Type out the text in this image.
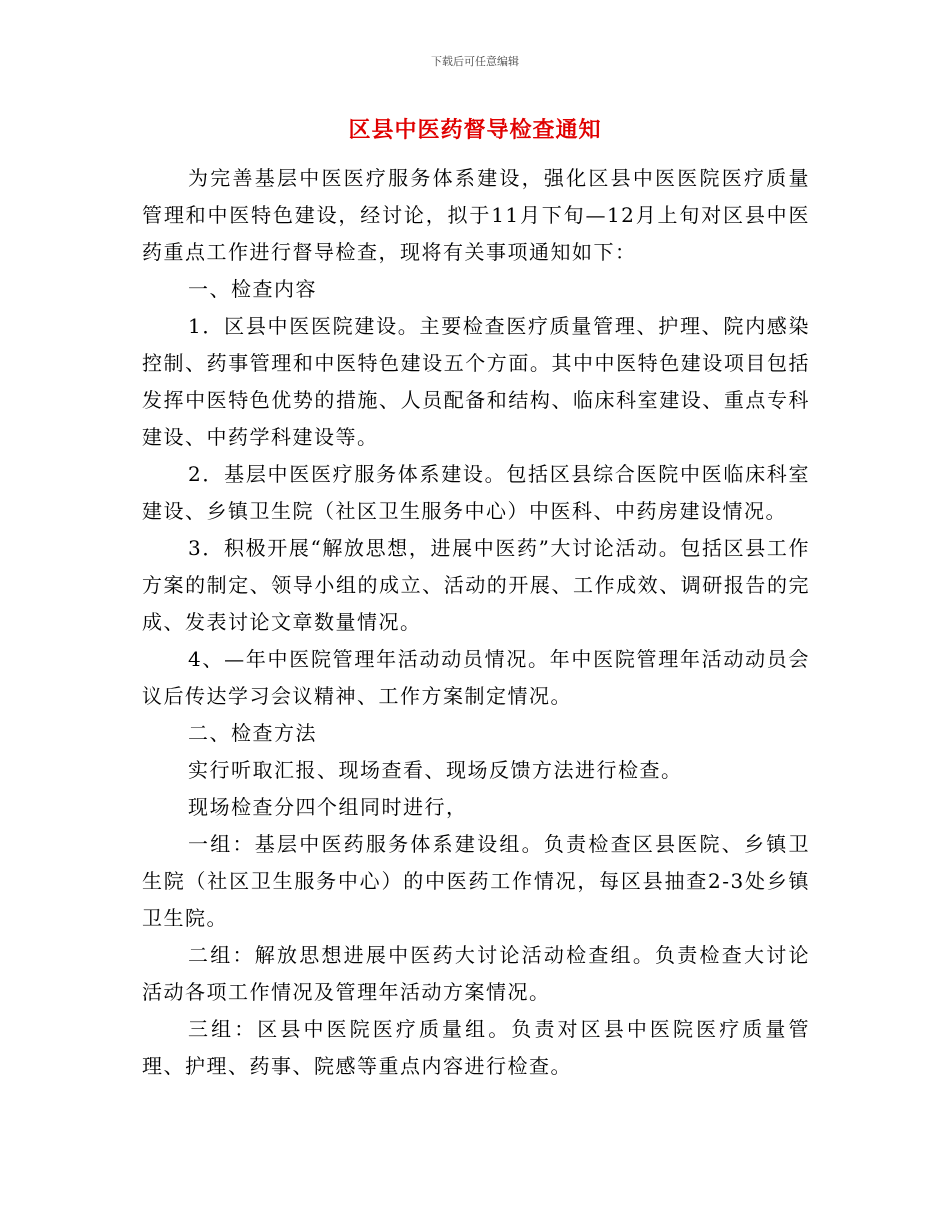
下载后可任意编辑
区县中医药督导检查通知

为完善基层中医医疗服务体系建设，强化区县中医医院医疗质量管理和中医特色建设，经讨论，拟于11月下旬—12月上旬对区县中医药重点工作进行督导检查，现将有关事项通知如下：

一、检查内容

1．区县中医医院建设。主要检查医疗质量管理、护理、院内感染控制、药事管理和中医特色建设五个方面。其中中医特色建设项目包括发挥中医特色优势的措施、人员配备和结构、临床科室建设、重点专科建设、中药学科建设等。

2．基层中医医疗服务体系建设。包括区县综合医院中医临床科室建设、乡镇卫生院（社区卫生服务中心）中医科、中药房建设情况。

3．积极开展“解放思想，进展中医药”大讨论活动。包括区县工作方案的制定、领导小组的成立、活动的开展、工作成效、调研报告的完成、发表讨论文章数量情况。

4、—年中医院管理年活动动员情况。年中医院管理年活动动员会议后传达学习会议精神、工作方案制定情况。

二、检查方法

实行听取汇报、现场查看、现场反馈方法进行检查。

现场检查分四个组同时进行，

一组：基层中医药服务体系建设组。负责检查区县医院、乡镇卫生院（社区卫生服务中心）的中医药工作情况，每区县抽查2-3处乡镇卫生院。

二组：解放思想进展中医药大讨论活动检查组。负责检查大讨论活动各项工作情况及管理年活动方案情况。

三组：区县中医院医疗质量组。负责对区县中医院医疗质量管理、护理、药事、院感等重点内容进行检查。
